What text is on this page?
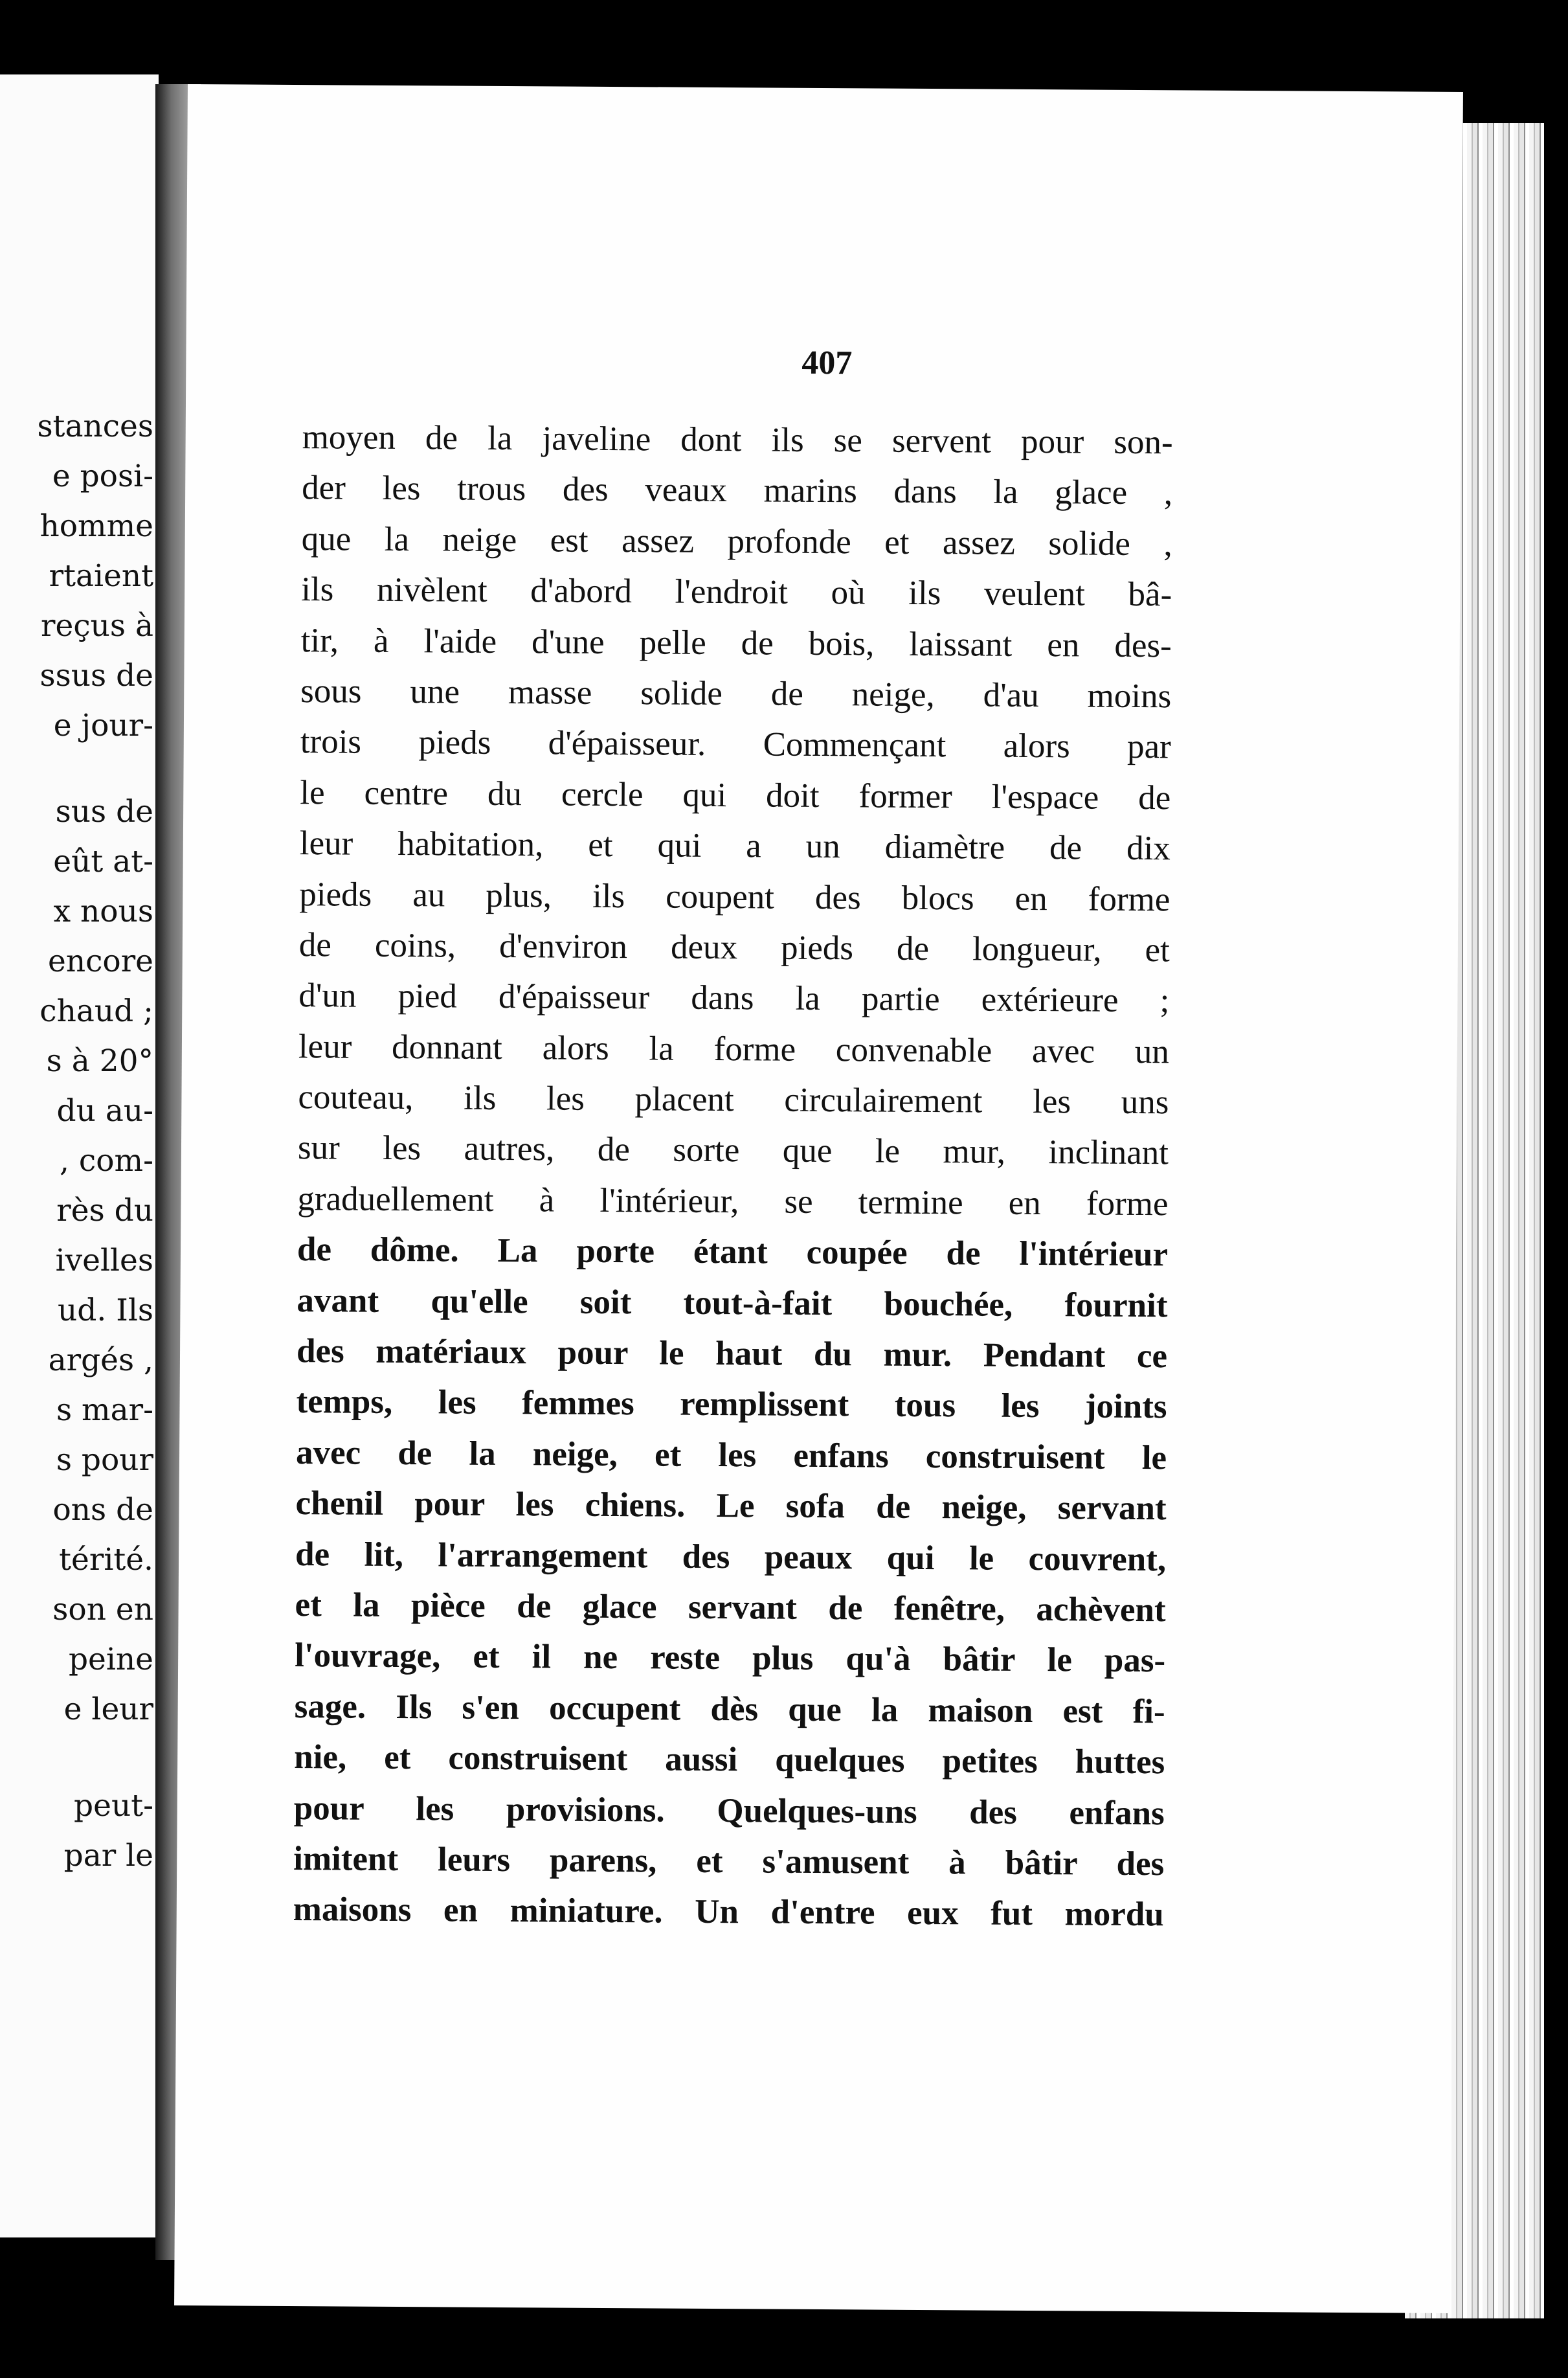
stances
e posi-
homme
rtaient
reçus à
ssus de
e jour-
sus de
eût at-
x nous
encore
chaud ;
s à 20°
du au-
, com-
rès du
ivelles
ud. Ils
argés ,
s mar-
s pour
ons de
térité.
son en
peine
e leur
peut-
par le
407
moyen de la javeline dont ils se servent pour son-
der les trous des veaux marins dans la glace ,
que la neige est assez profonde et assez solide ,
ils nivèlent d'abord l'endroit où ils veulent bâ-
tir, à l'aide d'une pelle de bois, laissant en des-
sous une masse solide de neige, d'au moins
trois pieds d'épaisseur. Commençant alors par
le centre du cercle qui doit former l'espace de
leur habitation, et qui a un diamètre de dix
pieds au plus, ils coupent des blocs en forme
de coins, d'environ deux pieds de longueur, et
d'un pied d'épaisseur dans la partie extérieure ;
leur donnant alors la forme convenable avec un
couteau, ils les placent circulairement les uns
sur les autres, de sorte que le mur, inclinant
graduellement à l'intérieur, se termine en forme
de dôme. La porte étant coupée de l'intérieur
avant qu'elle soit tout-à-fait bouchée, fournit
des matériaux pour le haut du mur. Pendant ce
temps, les femmes remplissent tous les joints
avec de la neige, et les enfans construisent le
chenil pour les chiens. Le sofa de neige, servant
de lit, l'arrangement des peaux qui le couvrent,
et la pièce de glace servant de fenêtre, achèvent
l'ouvrage, et il ne reste plus qu'à bâtir le pas-
sage. Ils s'en occupent dès que la maison est fi-
nie, et construisent aussi quelques petites huttes
pour les provisions. Quelques-uns des enfans
imitent leurs parens, et s'amusent à bâtir des
maisons en miniature. Un d'entre eux fut mordu
